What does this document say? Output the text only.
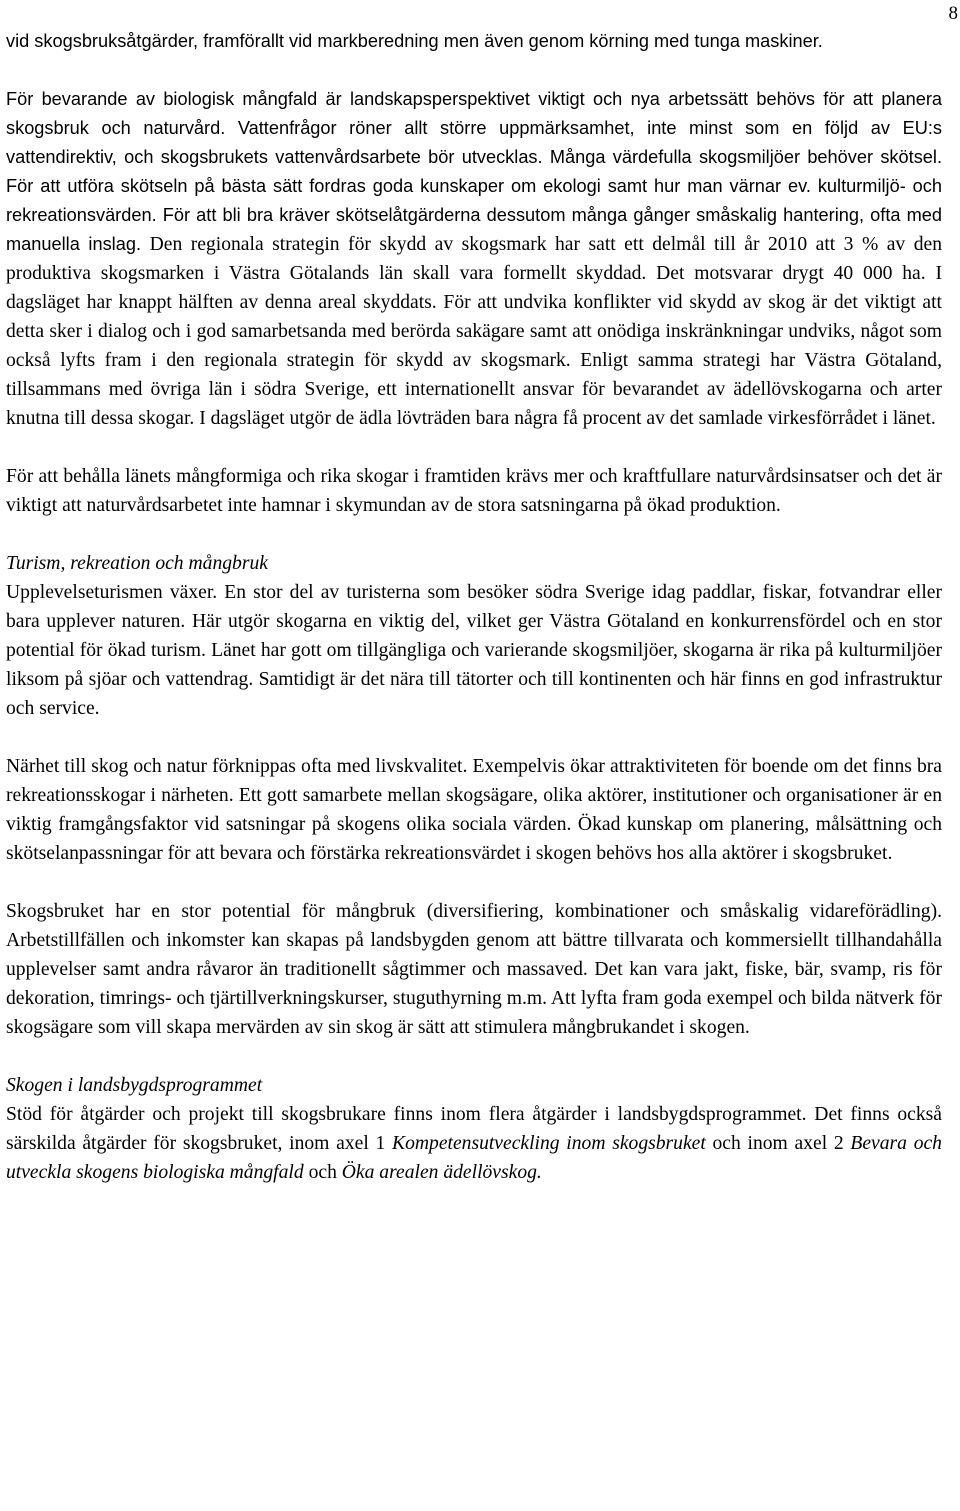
8

vid skogsbruksåtgärder, framförallt vid markberedning men även genom körning med tunga maskiner.

För bevarande av biologisk mångfald är landskapsperspektivet viktigt och nya arbetssätt behövs för att planera skogsbruk och naturvård. Vattenfrågor röner allt större uppmärksamhet, inte minst som en följd av EU:s vattendirektiv, och skogsbrukets vattenvårdsarbete bör utvecklas. Många värdefulla skogsmiljöer behöver skötsel. För att utföra skötseln på bästa sätt fordras goda kunskaper om ekologi samt hur man värnar ev. kulturmiljö- och rekreationsvärden. För att bli bra kräver skötselåtgärderna dessutom många gånger småskalig hantering, ofta med manuella inslag. Den regionala strategin för skydd av skogsmark har satt ett delmål till år 2010 att 3 % av den produktiva skogsmarken i Västra Götalands län skall vara formellt skyddad. Det motsvarar drygt 40 000 ha. I dagsläget har knappt hälften av denna areal skyddats. För att undvika konflikter vid skydd av skog är det viktigt att detta sker i dialog och i god samarbetsanda med berörda sakägare samt att onödiga inskränkningar undviks, något som också lyfts fram i den regionala strategin för skydd av skogsmark. Enligt samma strategi har Västra Götaland, tillsammans med övriga län i södra Sverige, ett internationellt ansvar för bevarandet av ädellövskogarna och arter knutna till dessa skogar. I dagsläget utgör de ädla lövträden bara några få procent av det samlade virkesförrådet i länet.

För att behålla länets mångformiga och rika skogar i framtiden krävs mer och kraftfullare naturvårdsinsatser och det är viktigt att naturvårdsarbetet inte hamnar i skymundan av de stora satsningarna på ökad produktion.

Turism, rekreation och mångbruk

Upplevelseturismen växer. En stor del av turisterna som besöker södra Sverige idag paddlar, fiskar, fotvandrar eller bara upplever naturen. Här utgör skogarna en viktig del, vilket ger Västra Götaland en konkurrensfördel och en stor potential för ökad turism. Länet har gott om tillgängliga och varierande skogsmiljöer, skogarna är rika på kulturmiljöer liksom på sjöar och vattendrag. Samtidigt är det nära till tätorter och till kontinenten och här finns en god infrastruktur och service.

Närhet till skog och natur förknippas ofta med livskvalitet. Exempelvis ökar attraktiviteten för boende om det finns bra rekreationsskogar i närheten. Ett gott samarbete mellan skogsägare, olika aktörer, institutioner och organisationer är en viktig framgångsfaktor vid satsningar på skogens olika sociala värden. Ökad kunskap om planering, målsättning och skötselanpassningar för att bevara och förstärka rekreationsvärdet i skogen behövs hos alla aktörer i skogsbruket.

Skogsbruket har en stor potential för mångbruk (diversifiering, kombinationer och småskalig vidareförädling). Arbetstillfällen och inkomster kan skapas på landsbygden genom att bättre tillvarata och kommersiellt tillhandahålla upplevelser samt andra råvaror än traditionellt sågtimmer och massaved. Det kan vara jakt, fiske, bär, svamp, ris för dekoration, timrings- och tjärtillverkningskurser, stuguthyrning m.m. Att lyfta fram goda exempel och bilda nätverk för skogsägare som vill skapa mervärden av sin skog är sätt att stimulera mångbrukandet i skogen.

Skogen i landsbygdsprogrammet

Stöd för åtgärder och projekt till skogsbrukare finns inom flera åtgärder i landsbygdsprogrammet. Det finns också särskilda åtgärder för skogsbruket, inom axel 1 Kompetensutveckling inom skogsbruket och inom axel 2 Bevara och utveckla skogens biologiska mångfald och Öka arealen ädellövskog.
